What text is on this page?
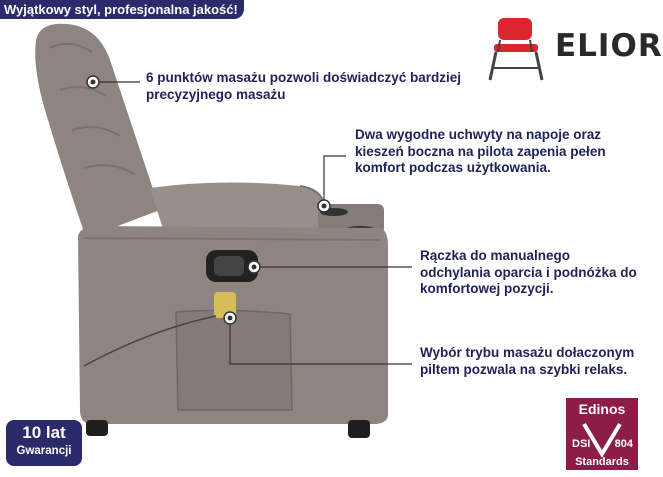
Wyjątkowy styl, profesjonalna jakość!
ELIOR
6 punktów masażu pozwoli doświadczyć bardziej precyzyjnego masażu
Dwa wygodne uchwyty na napoje oraz kieszeń boczna na pilota zapenia pełen komfort podczas użytkowania.
Rączka do manualnego odchylania oparcia i podnóżka do komfortowej pozycji.
Wybór trybu masażu dołaczonym piltem pozwala na szybki relaks.
10 lat
Gwarancji
Edinos
DSI 804
Standards
